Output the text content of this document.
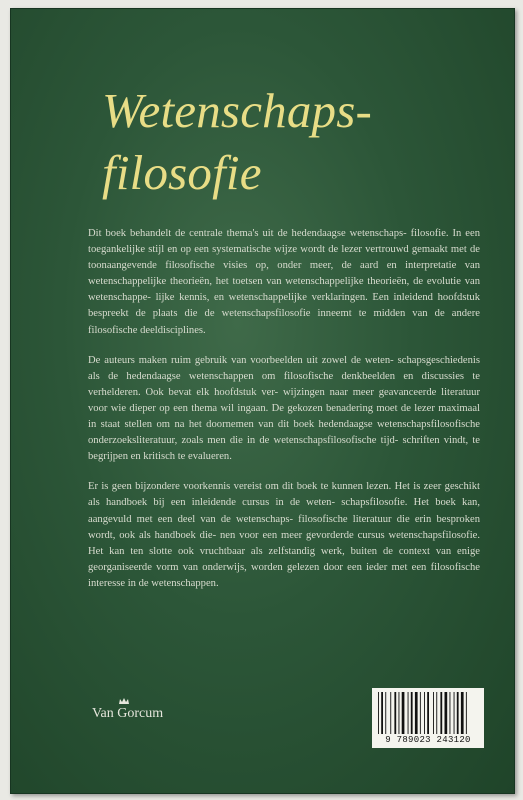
Wetenschaps-
filosofie

Dit boek behandelt de centrale thema's uit de hedendaagse wetenschaps- filosofie. In een toegankelijke stijl en op een systematische wijze wordt de lezer vertrouwd gemaakt met de toonaangevende filosofische visies op, onder meer, de aard en interpretatie van wetenschappelijke theorieën, het toetsen van wetenschappelijke theorieën, de evolutie van wetenschappe- lijke kennis, en wetenschappelijke verklaringen. Een inleidend hoofdstuk bespreekt de plaats die de wetenschapsfilosofie inneemt te midden van de andere filosofische deeldisciplines.

De auteurs maken ruim gebruik van voorbeelden uit zowel de weten- schapsgeschiedenis als de hedendaagse wetenschappen om filosofische denkbeelden en discussies te verhelderen. Ook bevat elk hoofdstuk ver- wijzingen naar meer geavanceerde literatuur voor wie dieper op een thema wil ingaan. De gekozen benadering moet de lezer maximaal in staat stellen om na het doornemen van dit boek hedendaagse wetenschapsfilosofische onderzoeksliteratuur, zoals men die in de wetenschapsfilosofische tijd- schriften vindt, te begrijpen en kritisch te evalueren.

Er is geen bijzondere voorkennis vereist om dit boek te kunnen lezen. Het is zeer geschikt als handboek bij een inleidende cursus in de weten- schapsfilosofie. Het boek kan, aangevuld met een deel van de wetenschaps- filosofische literatuur die erin besproken wordt, ook als handboek die- nen voor een meer gevorderde cursus wetenschapsfilosofie. Het kan ten slotte ook vruchtbaar als zelfstandig werk, buiten de context van enige georganiseerde vorm van onderwijs, worden gelezen door een ieder met een filosofische interesse in de wetenschappen.

Van Gorcum
9 789023 243120
